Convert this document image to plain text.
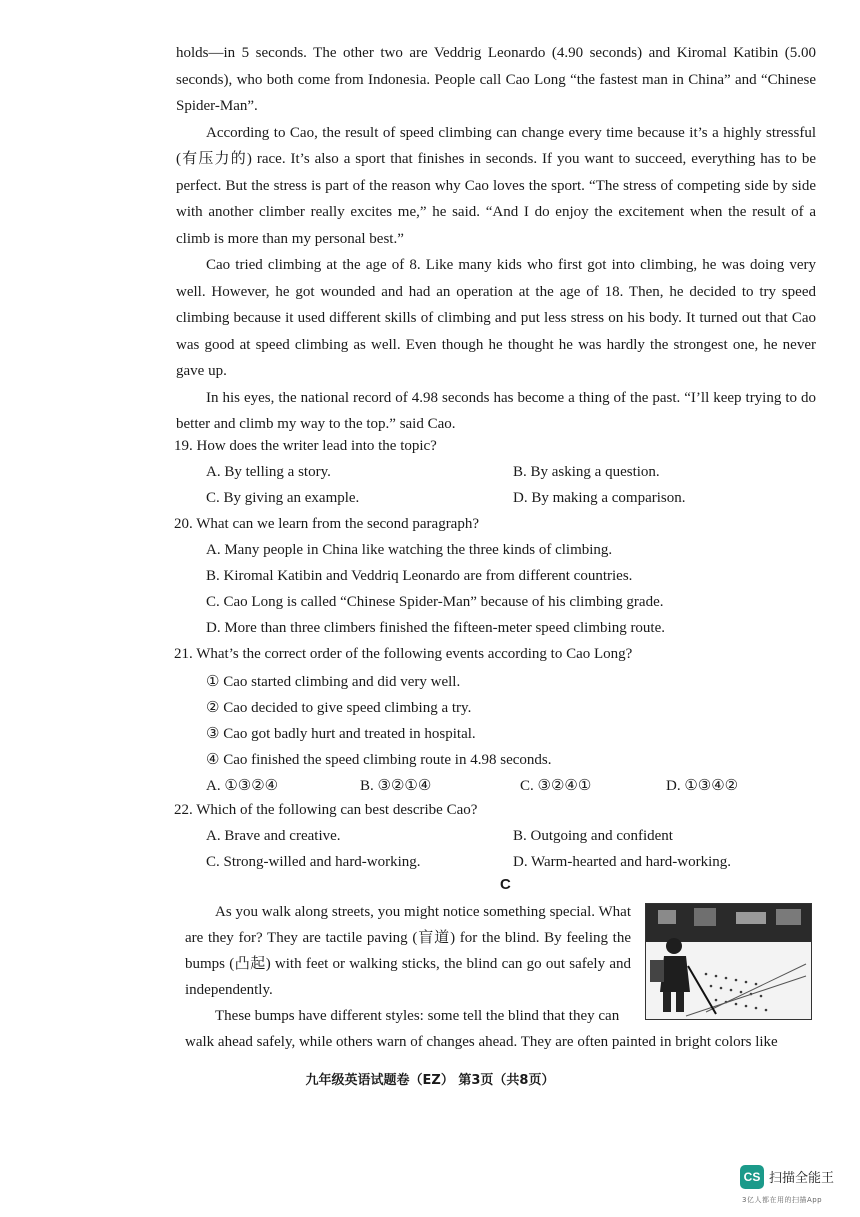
holds—in 5 seconds. The other two are Veddrig Leonardo (4.90 seconds) and Kiromal Katibin (5.00 seconds), who both come from Indonesia. People call Cao Long “the fastest man in China” and “Chinese Spider-Man”.

According to Cao, the result of speed climbing can change every time because it’s a highly stressful (有压力的) race. It’s also a sport that finishes in seconds. If you want to succeed, everything has to be perfect. But the stress is part of the reason why Cao loves the sport. “The stress of competing side by side with another climber really excites me,” he said. “And I do enjoy the excitement when the result of a climb is more than my personal best.”

Cao tried climbing at the age of 8. Like many kids who first got into climbing, he was doing very well. However, he got wounded and had an operation at the age of 18. Then, he decided to try speed climbing because it used different skills of climbing and put less stress on his body. It turned out that Cao was good at speed climbing as well. Even though he thought he was hardly the strongest one, he never gave up.

In his eyes, the national record of 4.98 seconds has become a thing of the past. “I’ll keep trying to do better and climb my way to the top.” said Cao.

19. How does the writer lead into the topic?
A. By telling a story.	B. By asking a question.
C. By giving an example.	D. By making a comparison.
20. What can we learn from the second paragraph?
A. Many people in China like watching the three kinds of climbing.
B. Kiromal Katibin and Veddriq Leonardo are from different countries.
C. Cao Long is called “Chinese Spider-Man” because of his climbing grade.
D. More than three climbers finished the fifteen-meter speed climbing route.
21. What’s the correct order of the following events according to Cao Long?
① Cao started climbing and did very well.
② Cao decided to give speed climbing a try.
③ Cao got badly hurt and treated in hospital.
④ Cao finished the speed climbing route in 4.98 seconds.
A. ①③②④	B. ③②①④	C. ③②④①	D. ①③④②
22. Which of the following can best describe Cao?
A. Brave and creative.	B. Outgoing and confident
C. Strong-willed and hard-working.	D. Warm-hearted and hard-working.
C
As you walk along streets, you might notice something special. What are they for? They are tactile paving (盲道) for the blind. By feeling the bumps (凸起) with feet or walking sticks, the blind can go out safely and independently.
These bumps have different styles: some tell the blind that they can
walk ahead safely, while others warn of changes ahead. They are often painted in bright colors like
九年级英语试题卷（EZ） 第3页（共8页）
CS 扫描全能王
3亿人都在用的扫描App
